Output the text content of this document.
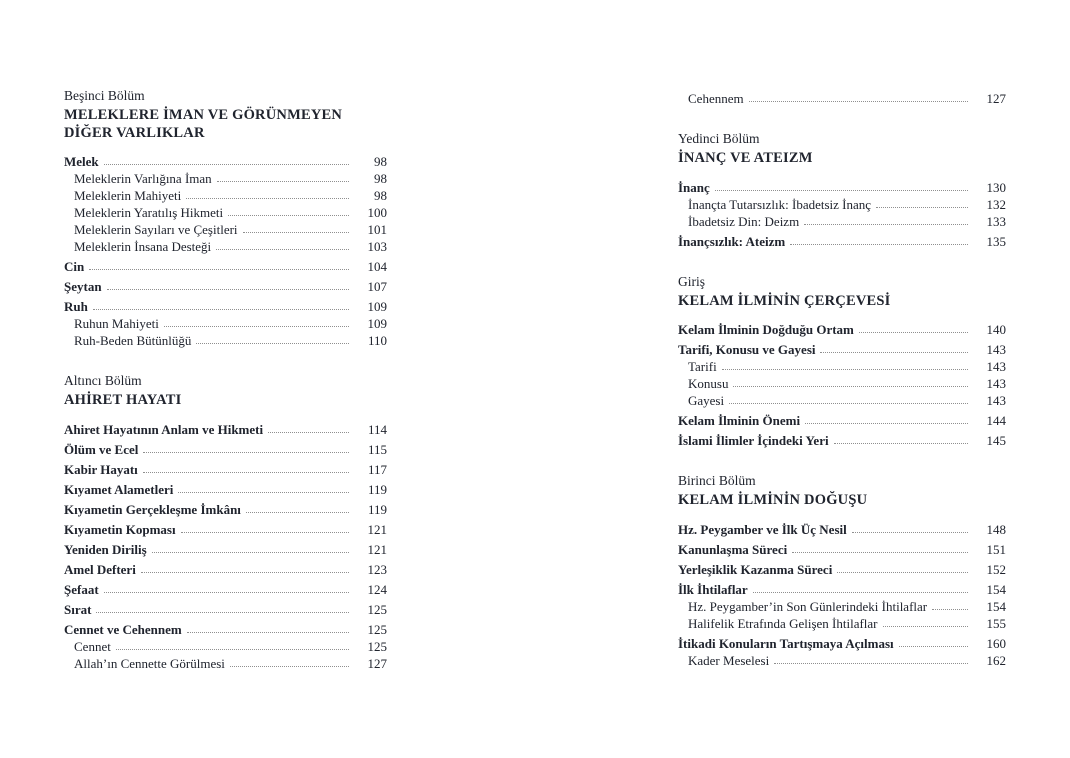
Beşinci Bölüm
MELEKLERE İMAN VE GÖRÜNMEYEN DİĞER VARLIKLAR
Melek	98
Meleklerin Varlığına İman	98
Meleklerin Mahiyeti	98
Meleklerin Yaratılış Hikmeti	100
Meleklerin Sayıları ve Çeşitleri	101
Meleklerin İnsana Desteği	103
Cin	104
Şeytan	107
Ruh	109
Ruhun Mahiyeti	109
Ruh-Beden Bütünlüğü	110
Altıncı Bölüm
AHİRET HAYATI
Ahiret Hayatının Anlam ve Hikmeti	114
Ölüm ve Ecel	115
Kabir Hayatı	117
Kıyamet Alametleri	119
Kıyametin Gerçekleşme İmkânı	119
Kıyametin Kopması	121
Yeniden Diriliş	121
Amel Defteri	123
Şefaat	124
Sırat	125
Cennet ve Cehennem	125
Cennet	125
Allah’ın Cennette Görülmesi	127
Cehennem	127
Yedinci Bölüm
İNANÇ VE ATEIZM
İnanç	130
İnançta Tutarsızlık: İbadetsiz İnanç	132
İbadetsiz Din: Deizm	133
İnançsızlık: Ateizm	135
Giriş
KELAM İLMİNİN ÇERÇEVESİ
Kelam İlminin Doğduğu Ortam	140
Tarifi, Konusu ve Gayesi	143
Tarifi	143
Konusu	143
Gayesi	143
Kelam İlminin Önemi	144
İslami İlimler İçindeki Yeri	145
Birinci Bölüm
KELAM İLMİNİN DOĞUŞU
Hz. Peygamber ve İlk Üç Nesil	148
Kanunlaşma Süreci	151
Yerleşiklik Kazanma Süreci	152
İlk İhtilaflar	154
Hz. Peygamber’in Son Günlerindeki İhtilaflar	154
Halifelik Etrafında Gelişen İhtilaflar	155
İtikadi Konuların Tartışmaya Açılması	160
Kader Meselesi	162
